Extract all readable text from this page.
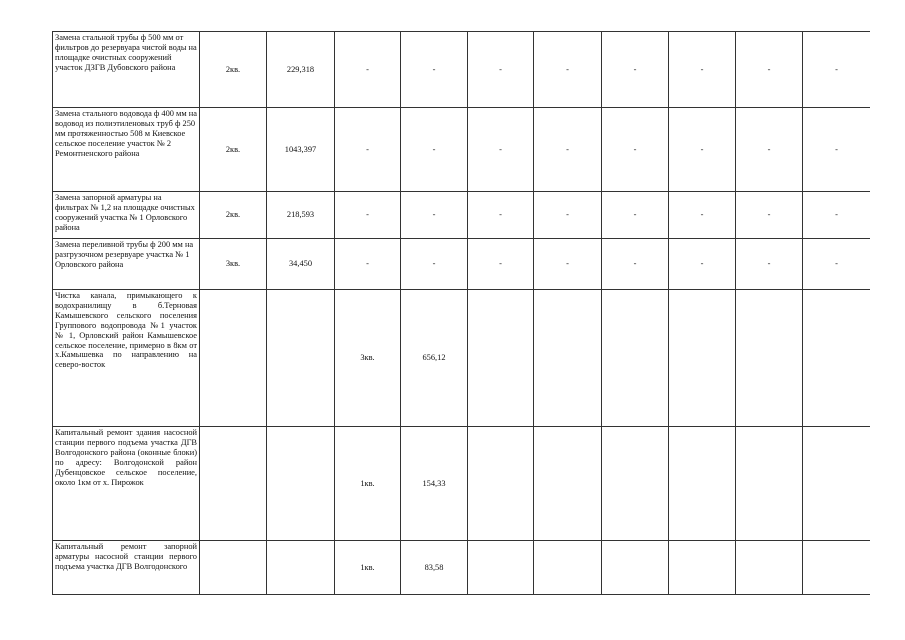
Замена стальной трубы ф 500 мм от фильтров до резервуара чистой воды на площадке очистных сооружений участок ДЗГВ Дубовского района	2кв.	229,318	-	-	-	-	-	-	-	-
Замена стального водовода ф 400 мм на водовод из полиэтиленовых труб ф 250 мм протяженностью 508 м Киевское сельское поселение участок № 2 Ремонтненского района	2кв.	1043,397	-	-	-	-	-	-	-	-
Замена запорной арматуры на фильтрах № 1,2 на площадке очистных сооружений участка № 1 Орловского района	2кв.	218,593	-	-	-	-	-	-	-	-
Замена переливной трубы ф 200 мм на разгрузочном резервуаре участка № 1 Орловского района	3кв.	34,450	-	-	-	-	-	-	-	-
Чистка канала, примыкающего к водохранилищу в б.Терновая Камышевского сельского поселения Группового водопровода №1 участок № 1, Орловский район Камышевское сельское поселение, примерно в 8км от х.Камышевка по направлению на северо-восток			3кв.	656,12						
Капитальный ремонт здания насосной станции первого подъема участка ДГВ Волгодонского района (оконные блоки) по адресу: Волгодонской район Дубенцовское сельское поселение, около 1км от х. Пирожок			1кв.	154,33						
Капитальный ремонт запорной арматуры насосной станции первого подъема участка ДГВ Волгодонского			1кв.	83,58						
